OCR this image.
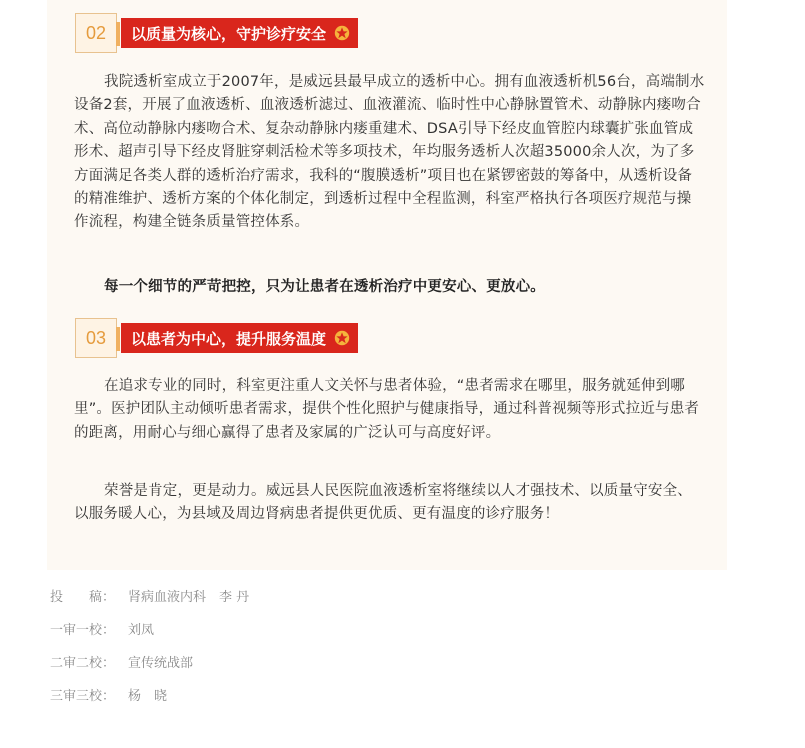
02	以质量为核心，守护诊疗安全

我院透析室成立于2007年，是威远县最早成立的透析中心。拥有血液透析机56台，高端制水设备2套，开展了血液透析、血液透析滤过、血液灌流、临时性中心静脉置管术、动静脉内瘘吻合术、高位动静脉内瘘吻合术、复杂动静脉内瘘重建术、DSA引导下经皮血管腔内球囊扩张血管成形术、超声引导下经皮肾脏穿刺活检术等多项技术，年均服务透析人次超35000余人次，为了多方面满足各类人群的透析治疗需求，我科的“腹膜透析”项目也在紧锣密鼓的筹备中，从透析设备的精准维护、透析方案的个体化制定，到透析过程中全程监测，科室严格执行各项医疗规范与操作流程，构建全链条质量管控体系。

每一个细节的严苛把控，只为让患者在透析治疗中更安心、更放心。

03	以患者为中心，提升服务温度

在追求专业的同时，科室更注重人文关怀与患者体验，“患者需求在哪里，服务就延伸到哪里”。医护团队主动倾听患者需求，提供个性化照护与健康指导，通过科普视频等形式拉近与患者的距离，用耐心与细心赢得了患者及家属的广泛认可与高度好评。

荣誉是肯定，更是动力。威远县人民医院血液透析室将继续以人才强技术、以质量守安全、以服务暖人心，为县域及周边肾病患者提供更优质、更有温度的诊疗服务！

投　　稿： 肾病血液内科　李 丹
一审一校： 刘凤
二审二校： 宣传统战部
三审三校： 杨　晓
